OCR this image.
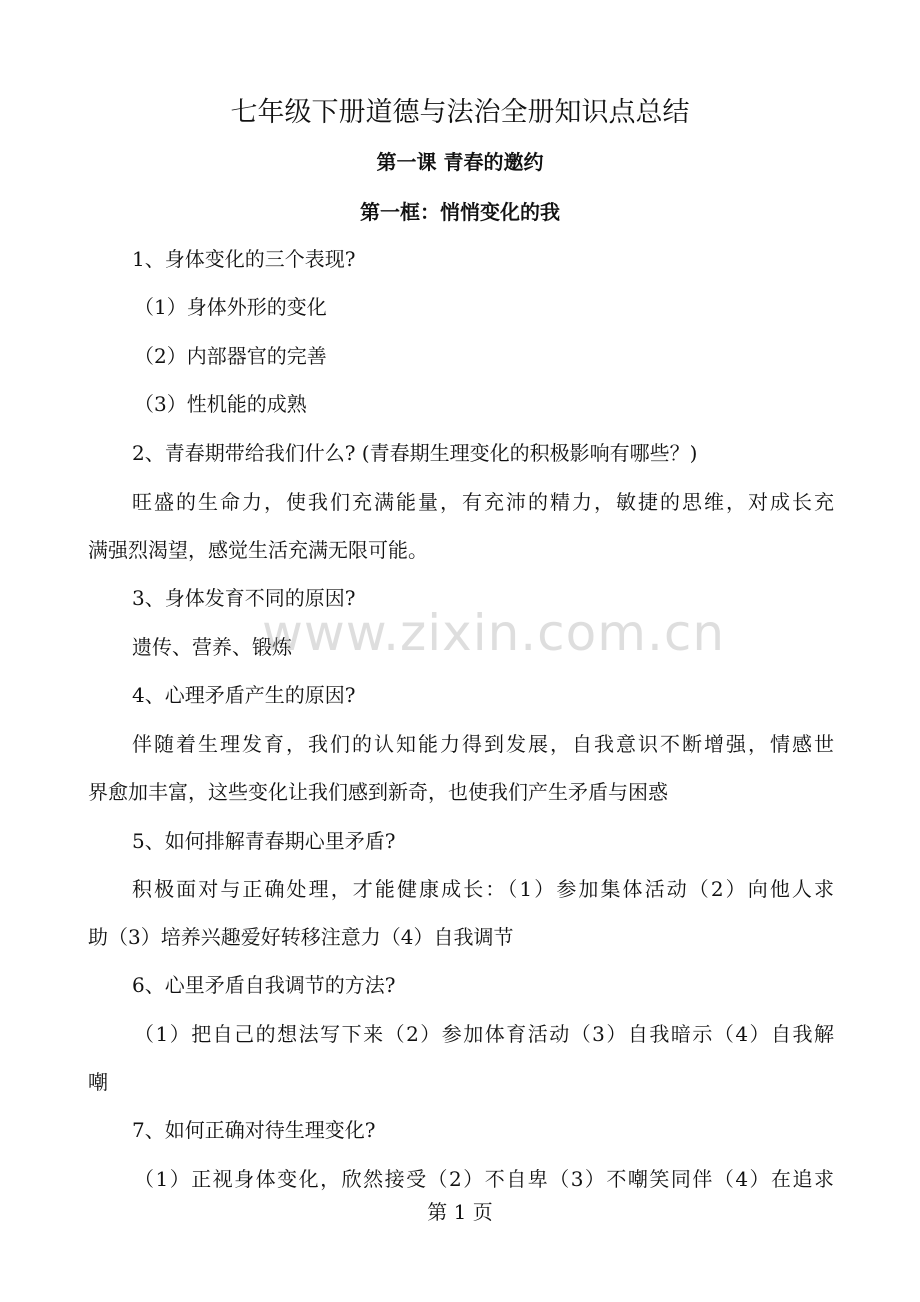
七年级下册道德与法治全册知识点总结
第一课 青春的邀约
第一框：悄悄变化的我
1、身体变化的三个表现?
（1）身体外形的变化
（2）内部器官的完善
（3）性机能的成熟
2、青春期带给我们什么? (青春期生理变化的积极影响有哪些？)
旺盛的生命力，使我们充满能量，有充沛的精力，敏捷的思维，对成长充
满强烈渴望，感觉生活充满无限可能。
3、身体发育不同的原因?
遗传、营养、锻炼
4、心理矛盾产生的原因?
伴随着生理发育，我们的认知能力得到发展，自我意识不断增强，情感世
界愈加丰富，这些变化让我们感到新奇，也使我们产生矛盾与困惑
5、如何排解青春期心里矛盾?
积极面对与正确处理，才能健康成长：（1）参加集体活动（2）向他人求
助（3）培养兴趣爱好转移注意力（4）自我调节
6、心里矛盾自我调节的方法?
（1）把自己的想法写下来（2）参加体育活动（3）自我暗示（4）自我解
嘲
7、如何正确对待生理变化?
（1）正视身体变化，欣然接受（2）不自卑（3）不嘲笑同伴（4）在追求
www.zixin.com.cn
第 1 页
